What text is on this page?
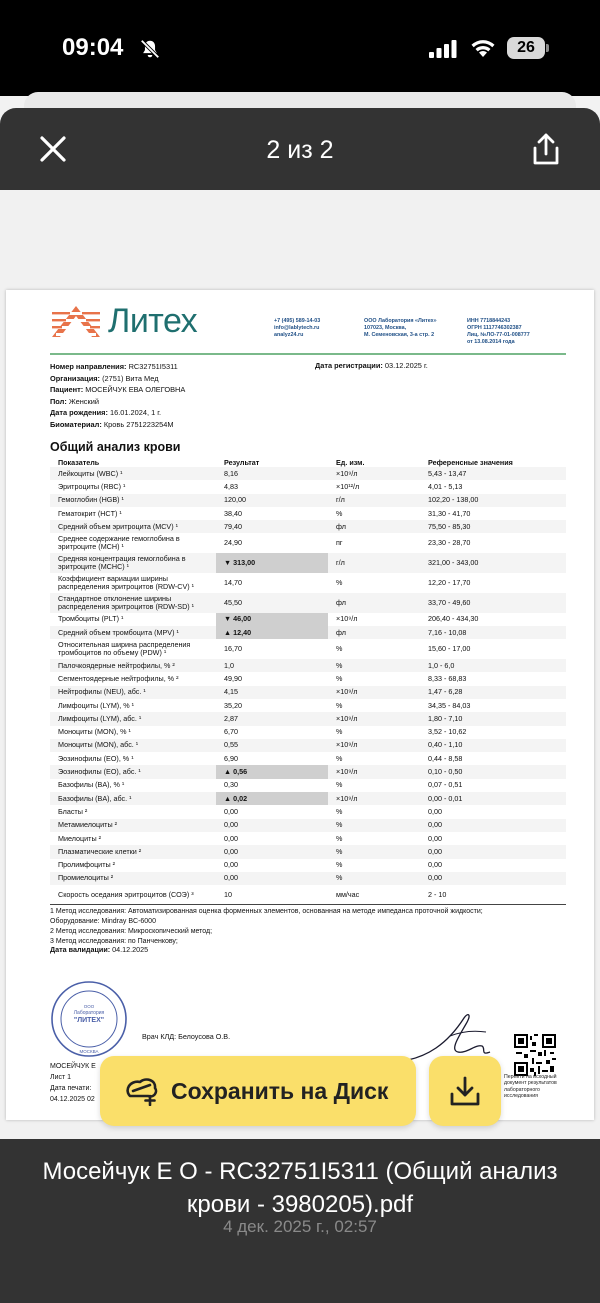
09:04	26
2 из 2
Литех	+7 (495) 589-14-03
info@lablytech.ru
analyz24.ru
ООО Лаборатория «Литех»
107023, Москва,
М. Семеновская, 3-а стр. 2
ИНН 7718844243
ОГРН 1117746302387
Лиц. №ЛО-77-01-008777
от 13.08.2014 года
Номер направления: RC32751I5311
Организация: (2751) Вита Мед
Пациент: МОСЕЙЧУК ЕВА ОЛЕГОВНА
Пол: Женский
Дата рождения: 16.01.2024, 1 г.
Биоматериал: Кровь 2751223254М
Дата регистрации: 03.12.2025 г.
Общий анализ крови
Показатель	Результат	Ед. изм.	Референсные значения
Лейкоциты (WBC) ¹	8,16	×10⁹/л	5,43 - 13,47
Эритроциты (RBC) ¹	4,83	×10¹²/л	4,01 - 5,13
Гемоглобин (HGB) ¹	120,00	г/л	102,20 - 138,00
Гематокрит (HCT) ¹	38,40	%	31,30 - 41,70
Средний объем эритроцита (MCV) ¹	79,40	фл	75,50 - 85,30
Среднее содержание гемоглобина в эритроците (MCH) ¹	24,90	пг	23,30 - 28,70
Средняя концентрация гемоглобина в эритроците (MCHC) ¹	▼ 313,00	г/л	321,00 - 343,00
Коэффициент вариации ширины распределения эритроцитов (RDW-CV) ¹	14,70	%	12,20 - 17,70
Стандартное отклонение ширины распределения эритроцитов (RDW-SD) ¹	45,50	фл	33,70 - 49,60
Тромбоциты (PLT) ¹	▼ 46,00	×10⁹/л	206,40 - 434,30
Средний объем тромбоцита (MPV) ¹	▲ 12,40	фл	7,16 - 10,08
Относительная ширина распределения тромбоцитов по объему (PDW) ¹	16,70	%	15,60 - 17,00
Палочкоядерные нейтрофилы, % ²	1,0	%	1,0 - 6,0
Сегментоядерные нейтрофилы, % ²	49,90	%	8,33 - 68,83
Нейтрофилы (NEU), абс. ¹	4,15	×10⁹/л	1,47 - 6,28
Лимфоциты (LYM), % ¹	35,20	%	34,35 - 84,03
Лимфоциты (LYM), абс. ¹	2,87	×10⁹/л	1,80 - 7,10
Моноциты (MON), % ¹	6,70	%	3,52 - 10,62
Моноциты (MON), абс. ¹	0,55	×10⁹/л	0,40 - 1,10
Эозинофилы (EO), % ¹	6,90	%	0,44 - 8,58
Эозинофилы (EO), абс. ¹	▲ 0,56	×10⁹/л	0,10 - 0,50
Базофилы (BA), % ¹	0,30	%	0,07 - 0,51
Базофилы (BA), абс. ¹	▲ 0,02	×10⁹/л	0,00 - 0,01
Бласты ²	0,00	%	0,00
Метамиелоциты ²	0,00	%	0,00
Миелоциты ²	0,00	%	0,00
Плазматические клетки ²	0,00	%	0,00
Пролимфоциты ²	0,00	%	0,00
Промиелоциты ²	0,00	%	0,00
Скорость оседания эритроцитов (СОЭ) ³	10	мм/час	2 - 10
1 Метод исследования: Автоматизированная оценка форменных элементов, основанная на методе импеданса проточной жидкости;
Оборудование: Mindray BC-6000
2 Метод исследования: Микроскопический метод;
3 Метод исследования: по Панченкову;
Дата валидации: 04.12.2025
ООО
Лаборатория
"ЛИТЕХ"
МОСКВА
Врач КЛД: Белоусова О.В.
Перейти на исходный документ результатов лабораторного исследования
МОСЕЙЧУК Е
Лист 1
Дата печати:
04.12.2025 02	Сохранить на Диск
Мосейчук Е О - RC32751I5311 (Общий анализ крови - 3980205).pdf
4 дек. 2025 г., 02:57
